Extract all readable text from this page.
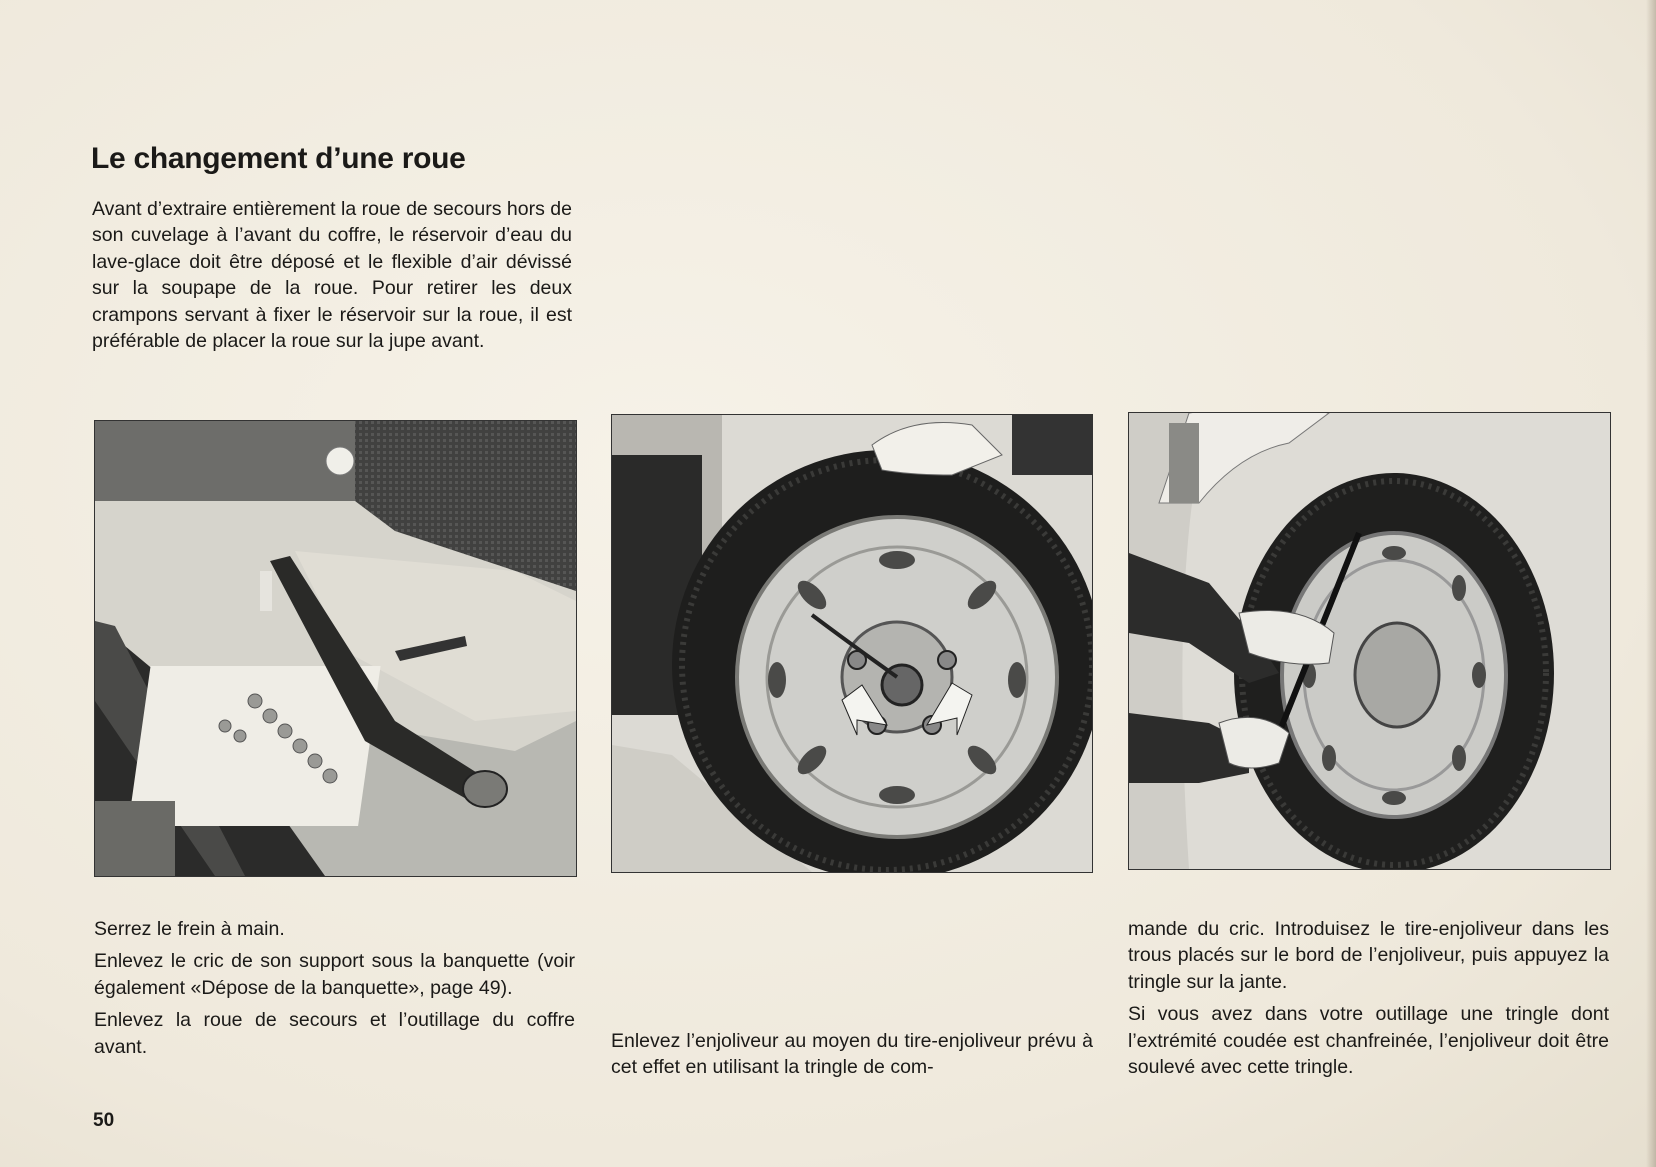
Le changement d’une roue

Avant d’extraire entièrement la roue de secours hors de son cuvelage à l’avant du coffre, le réservoir d’eau du lave-glace doit être déposé et le flexible d’air dévissé sur la soupape de la roue. Pour retirer les deux crampons servant à fixer le réservoir sur la roue, il est préférable de placer la roue sur la jupe avant.

Serrez le frein à main.

Enlevez le cric de son support sous la banquette (voir également «Dépose de la banquette», page 49).

Enlevez la roue de secours et l’outillage du coffre avant.	Enlevez l’enjoliveur au moyen du tire-enjoliveur prévu à cet effet en utilisant la tringle de com-

mande du cric. Introduisez le tire-enjoliveur dans les trous placés sur le bord de l’enjoliveur, puis appuyez la tringle sur la jante.

Si vous avez dans votre outillage une tringle dont l’extrémité coudée est chanfreinée, l’enjoliveur doit être soulevé avec cette tringle.

50
